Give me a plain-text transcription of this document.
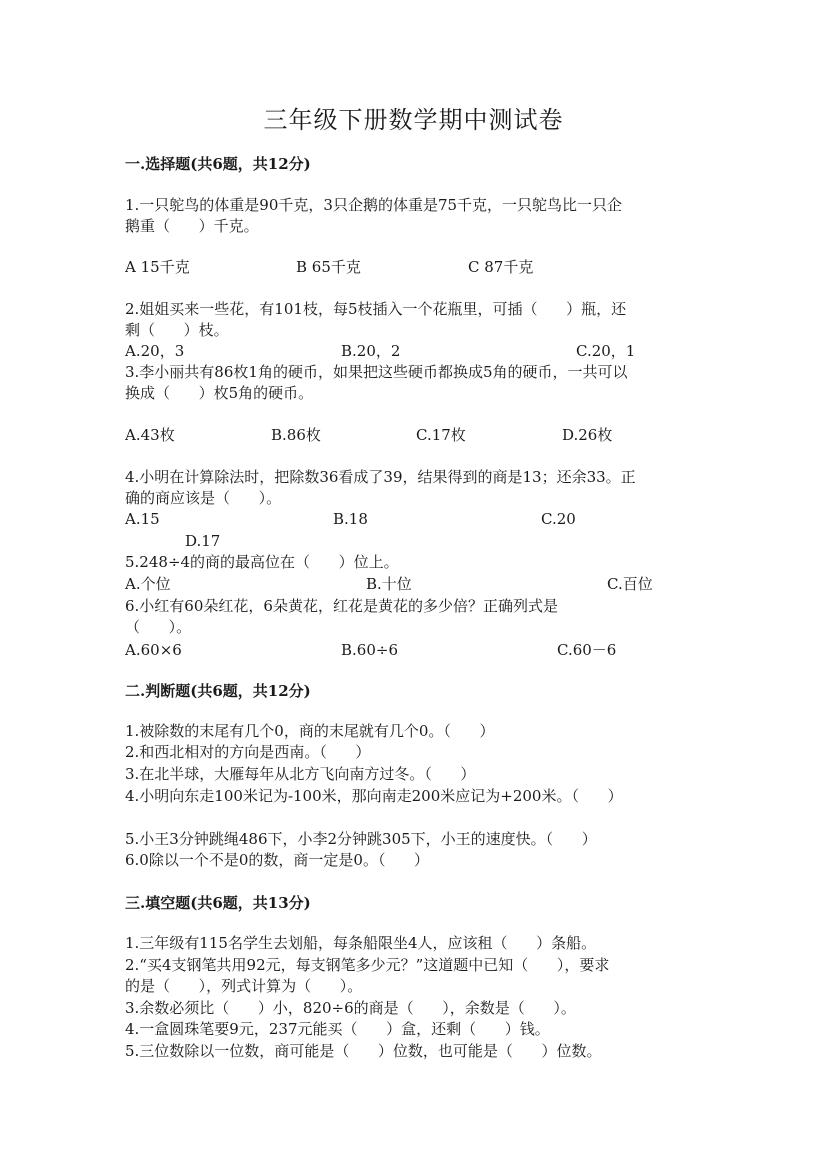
三年级下册数学期中测试卷
一.选择题(共6题，共12分)
1.一只鸵鸟的体重是90千克，3只企鹅的体重是75千克，一只鸵鸟比一只企
鹅重（      ）千克。
A 15千克	B 65千克	C 87千克
2.姐姐买来一些花，有101枝，每5枝插入一个花瓶里，可插（      ）瓶，还
剩（      ）枝。
A.20，3	B.20，2	C.20，1
3.李小丽共有86枚1角的硬币，如果把这些硬币都换成5角的硬币，一共可以
换成（      ）枚5角的硬币。
A.43枚	B.86枚	C.17枚	D.26枚
4.小明在计算除法时，把除数36看成了39，结果得到的商是13；还余33。正
确的商应该是（      ）。
A.15	B.18	C.20
D.17
5.248÷4的商的最高位在（      ）位上。
A.个位	B.十位	C.百位
6.小红有60朵红花，6朵黄花，红花是黄花的多少倍？正确列式是
（      ）。
A.60×6	B.60÷6	C.60－6
二.判断题(共6题，共12分)
1.被除数的末尾有几个0，商的末尾就有几个0。（      ）
2.和西北相对的方向是西南。（      ）
3.在北半球，大雁每年从北方飞向南方过冬。（      ）
4.小明向东走100米记为-100米，那向南走200米应记为+200米。（      ）
5.小王3分钟跳绳486下，小李2分钟跳305下，小王的速度快。（      ）
6.0除以一个不是0的数，商一定是0。（      ）
三.填空题(共6题，共13分)
1.三年级有115名学生去划船，每条船限坐4人，应该租（      ）条船。
2.“买4支钢笔共用92元，每支钢笔多少元？”这道题中已知（      ），要求
的是（      ），列式计算为（      ）。
3.余数必须比（      ）小，820÷6的商是（      ），余数是（      ）。
4.一盒圆珠笔要9元，237元能买（      ）盒，还剩（      ）钱。
5.三位数除以一位数，商可能是（      ）位数，也可能是（      ）位数。
